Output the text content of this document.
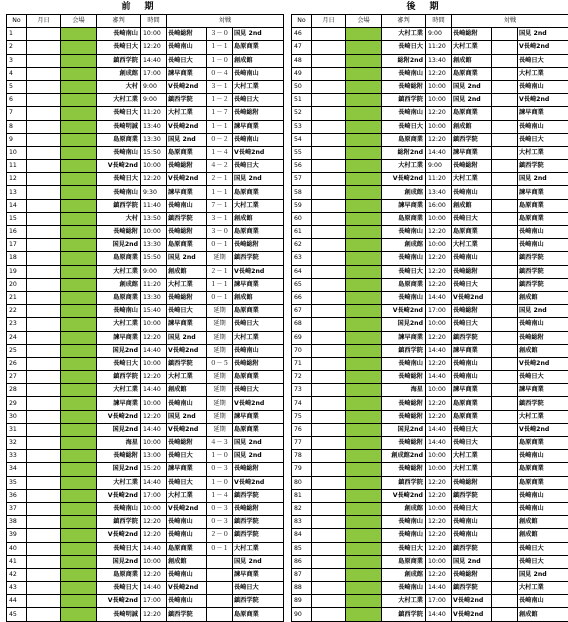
前期
No	月日	会場	審判	時間	対戦		
1			長崎南山	10:00	長崎総附	３－０	国見 2nd
2			長崎日大	12:20	長崎南山	１－１	島原商業
3			鎮西学院	14:40	長崎日大	１－０	創成館
4			創成館	17:00	諫早商業	０－４	長崎南山
5			大村	9:00	V長崎2nd	３－１	大村工業
6			大村工業	9:00	鎮西学院	１－２	長崎日大
7			長崎日大	11:20	大村工業	１－７	長崎総附
8			長崎明誠	13:40	V長崎2nd	１－１	諫早商業
9			島原商業	13:30	国見 2nd	０－２	長崎南山
10			長崎南山	15:50	島原商業	１－４	V長崎2nd
11			V長崎2nd	10:00	長崎総附	４－２	長崎日大
12			長崎日大	12:20	V長崎2nd	２－１	国見 2nd
13			長崎南山	9:30	諫早商業	１－１	島原商業
14			鎮西学院	11:40	長崎南山	７－１	大村工業
15			大村	13:50	鎮西学院	３－１	創成館
16			長崎総附	10:00	長崎総附	３－０	島原商業
17			国見2nd	13:30	島原商業	０－１	長崎総附
18			島原商業	15:50	国見 2nd	延期	鎮西学院
19			大村工業	9:00	創成館	２－１	V長崎2nd
20			創成館	11:20	大村工業	１－１	諫早商業
21			島原商業	13:30	長崎総附	０－１	創成館
22			長崎南山	15:40	長崎日大	延期	島原商業
23			大村工業	10:00	諫早商業	延期	長崎日大
24			諫早商業	12:20	国見 2nd	延期	大村工業
25			国見2nd	14:40	V長崎2nd	延期	長崎南山
26			長崎日大	10:00	鎮西学院	０－５	長崎総附
27			鎮西学院	12:20	大村工業	延期	島原商業
28			大村工業	14:40	創成館	延期	長崎日大
29			諫早商業	10:00	長崎南山	延期	V長崎2nd
30			V長崎2nd	12:20	国見 2nd	延期	諫早商業
31			国見2nd	14:40	V長崎2nd	延期	島原商業
32			海星	10:00	長崎総附	４－３	国見 2nd
33			長崎総附	13:00	長崎日大	１－０	国見 2nd
34			国見2nd	15:20	諫早商業	０－３	長崎総附
35			大村工業	14:40	長崎日大	１－０	V長崎2nd
36			V長崎2nd	17:00	大村工業	１－４	鎮西学院
37			長崎南山	10:00	V長崎2nd	０－３	長崎総附
38			鎮西学院	12:20	長崎南山	０－３	鎮西学院
39			V長崎2nd	12:20	長崎南山	２－０	鎮西学院
40			長崎日大	14:40	島原商業	０－１	大村工業
41			国見2nd	10:00	創成館		国見 2nd
42			島原商業	12:20	長崎南山		諫早商業
43			長崎日大	14:40	V長崎2nd		長崎日大
44			V長崎2nd	17:00	長崎南山		鎮西学院
45			長崎明誠	12:20	鎮西学院		島原商業
後期
No	月日	会場	審判	時間	対戦		
46			大村工業	9:00	長崎総附		国見 2nd
47			長崎日大	11:20	大村工業		V長崎2nd
48			総附2nd	13:40	創成館		長崎日大
49			長崎南山	12:20	島原商業		大村工業
50			長崎総附	10:00	国見 2nd		長崎南山
51			鎮西学院	10:00	国見 2nd		V長崎2nd
52			長崎南山	12:20	島原商業		諫早商業
53			長崎日大	10:00	創成館		長崎南山
54			島原商業	12:20	鎮西学院		長崎日大
55			総附2nd	14:40	諫早商業		大村工業
56			大村工業	9:00	長崎総附		鎮西学院
57			V長崎2nd	11:20	大村工業		国見 2nd
58			創成館	13:40	長崎南山		諫早商業
59			諫早商業	16:00	創成館		島原商業
60			島原商業	10:00	長崎日大		島原商業
61			長崎南山	12:20	島原商業		長崎南山
62			創成館	10:00	大村工業		長崎南山
63			長崎南山	12:20	長崎南山		鎮西学院
64			長崎日大	12:20	長崎総附		鎮西学院
65			島原商業	12:20	長崎日大		鎮西学院
66			長崎南山	14:40	V長崎2nd		創成館
67			V長崎2nd	17:00	長崎総附		国見 2nd
68			国見2nd	10:00	長崎日大		長崎南山
69			諫早商業	12:20	鎮西学院		長崎総附
70			鎮西学院	14:40	諫早商業		創成館
71			長崎南山	12:20	長崎南山		V長崎2nd
72			長崎総附	14:40	長崎南山		長崎日大
73			海星	10:00	諫早商業		諫早商業
74			長崎総附	12:20	島原商業		鎮西学院
75			長崎総附	12:20	島原商業		大村工業
76			国見2nd	14:40	長崎日大		V長崎2nd
77			長崎総附	14:40	長崎日大		島原商業
78			創成館2nd	10:00	大村工業		長崎南山
79			長崎総附	10:00	大村工業		島原商業
80			鎮西学院	12:20	長崎総附		島原商業
81			V長崎2nd	12:20	鎮西学院		長崎南山
82			創成館	10:00	長崎日大		長崎南山
83			長崎南山	12:20	長崎南山		創成館
84			長崎南山	12:20	長崎南山		創成館
85			長崎日大	12:20	鎮西学院		長崎日大
86			島原商業	10:00	国見 2nd		長崎日大
87			創成館	12:20	長崎総附		国見 2nd
88			長崎南山	14:40	鎮西学院		大村工業
89			大村工業	17:00	V長崎2nd		長崎南山
90			鎮西学院	14:40	V長崎2nd		創成館
